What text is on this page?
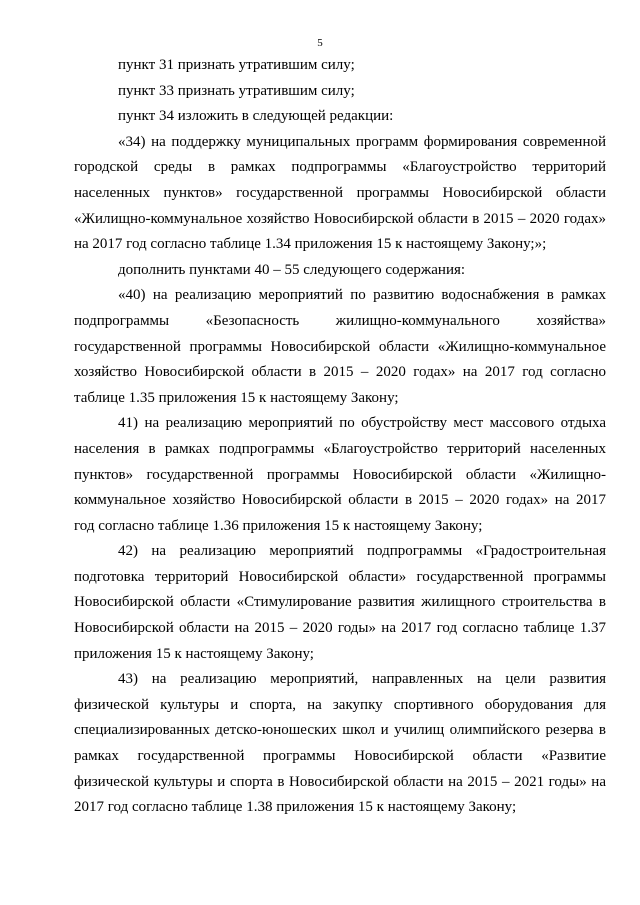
5
пункт 31 признать утратившим силу;
пункт 33 признать утратившим силу;
пункт 34 изложить в следующей редакции:
«34) на поддержку муниципальных программ формирования современной
городской среды в рамках подпрограммы «Благоустройство территорий
населенных пунктов» государственной программы Новосибирской области
«Жилищно-коммунальное хозяйство Новосибирской области в 2015 – 2020 годах»
на 2017 год согласно таблице 1.34 приложения 15 к настоящему Закону;»;
дополнить пунктами 40 – 55 следующего содержания:
«40) на реализацию мероприятий по развитию водоснабжения в рамках
подпрограммы «Безопасность жилищно-коммунального хозяйства»
государственной программы Новосибирской области «Жилищно-коммунальное
хозяйство Новосибирской области в 2015 – 2020 годах» на 2017 год согласно
таблице 1.35 приложения 15 к настоящему Закону;
41) на реализацию мероприятий по обустройству мест массового отдыха
населения в рамках подпрограммы «Благоустройство территорий населенных
пунктов» государственной программы Новосибирской области «Жилищно-
коммунальное хозяйство Новосибирской области в 2015 – 2020 годах» на 2017
год согласно таблице 1.36 приложения 15 к настоящему Закону;
42) на реализацию мероприятий подпрограммы «Градостроительная
подготовка территорий Новосибирской области» государственной программы
Новосибирской области «Стимулирование развития жилищного строительства в
Новосибирской области на 2015 – 2020 годы» на 2017 год согласно таблице 1.37
приложения 15 к настоящему Закону;
43) на реализацию мероприятий, направленных на цели развития
физической культуры и спорта, на закупку спортивного оборудования для
специализированных детско-юношеских школ и училищ олимпийского резерва в
рамках государственной программы Новосибирской области «Развитие
физической культуры и спорта в Новосибирской области на 2015 – 2021 годы» на
2017 год согласно таблице 1.38 приложения 15 к настоящему Закону;
